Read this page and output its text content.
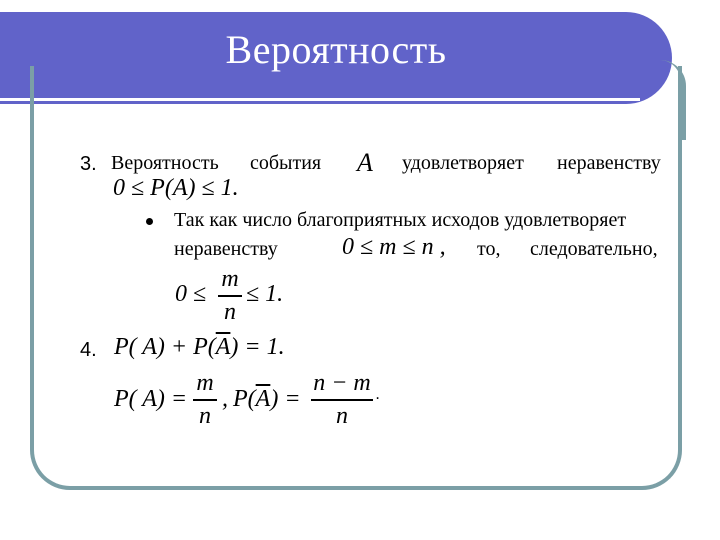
Вероятность
3. Вероятность события A удовлетворяет неравенству
0 ≤ P(A) ≤ 1.
Так как число благоприятных исходов удовлетворяет
неравенству	0 ≤ m ≤ n , то, следовательно,
0 ≤
m
n
≤ 1.
4. P( $A) + P(\overline{A}) = 1$.
P( A) =
m
n
, $P(\overline{A})$ =
n − m
n
.
